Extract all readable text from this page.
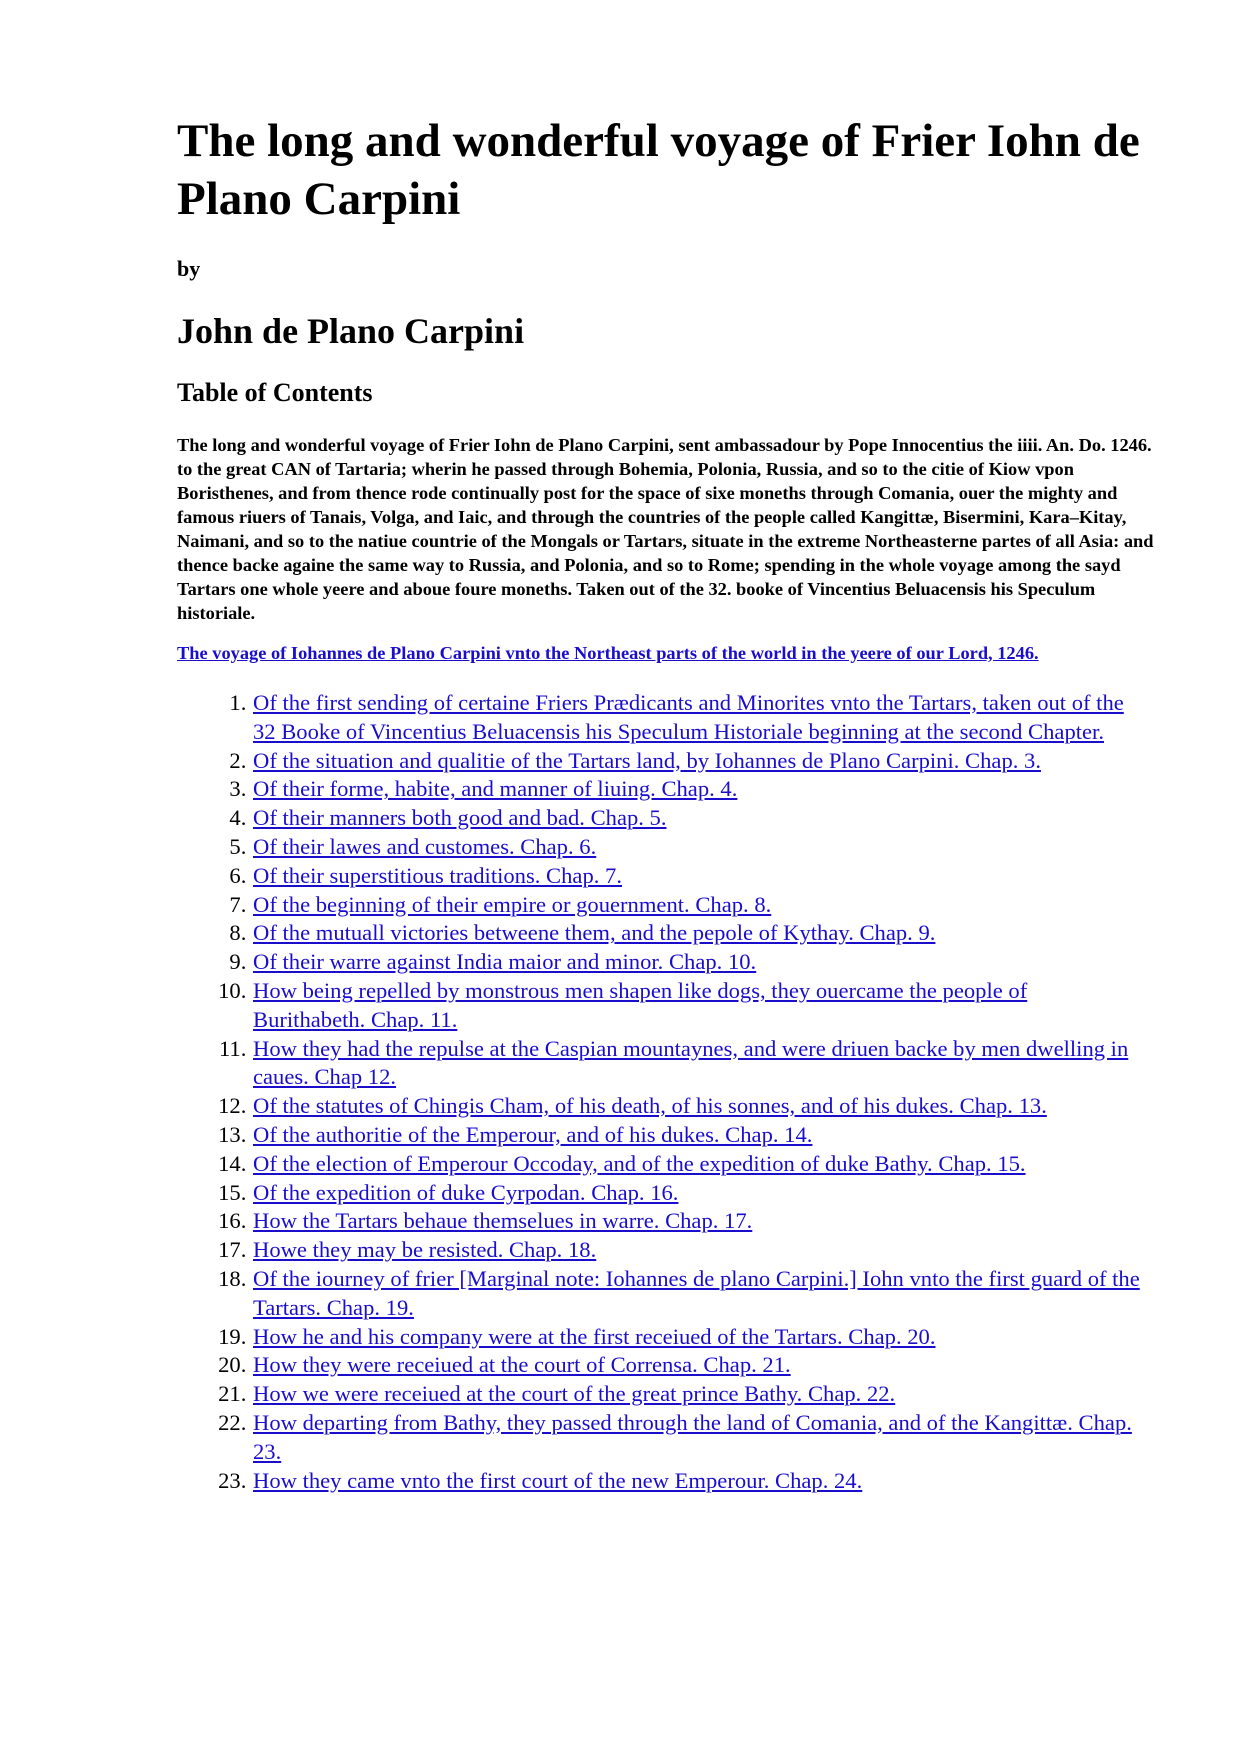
The long and wonderful voyage of Frier Iohn de Plano Carpini
by
John de Plano Carpini
Table of Contents
The long and wonderful voyage of Frier Iohn de Plano Carpini, sent ambassadour by Pope Innocentius the iiii. An. Do. 1246. to the great CAN of Tartaria; wherin he passed through Bohemia, Polonia, Russia, and so to the citie of Kiow vpon Boristhenes, and from thence rode continually post for the space of sixe moneths through Comania, ouer the mighty and famous riuers of Tanais, Volga, and Iaic, and through the countries of the people called Kangittæ, Bisermini, Kara–Kitay, Naimani, and so to the natiue countrie of the Mongals or Tartars, situate in the extreme Northeasterne partes of all Asia: and thence backe againe the same way to Russia, and Polonia, and so to Rome; spending in the whole voyage among the sayd Tartars one whole yeere and aboue foure moneths. Taken out of the 32. booke of Vincentius Beluacensis his Speculum historiale.
The voyage of Iohannes de Plano Carpini vnto the Northeast parts of the world in the yeere of our Lord, 1246.
1. Of the first sending of certaine Friers Prædicants and Minorites vnto the Tartars, taken out of the 32 Booke of Vincentius Beluacensis his Speculum Historiale beginning at the second Chapter.
2. Of the situation and qualitie of the Tartars land, by Iohannes de Plano Carpini. Chap. 3.
3. Of their forme, habite, and manner of liuing. Chap. 4.
4. Of their manners both good and bad. Chap. 5.
5. Of their lawes and customes. Chap. 6.
6. Of their superstitious traditions. Chap. 7.
7. Of the beginning of their empire or gouernment. Chap. 8.
8. Of the mutuall victories betweene them, and the pepole of Kythay. Chap. 9.
9. Of their warre against India maior and minor. Chap. 10.
10. How being repelled by monstrous men shapen like dogs, they ouercame the people of Burithabeth. Chap. 11.
11. How they had the repulse at the Caspian mountaynes, and were driuen backe by men dwelling in caues. Chap 12.
12. Of the statutes of Chingis Cham, of his death, of his sonnes, and of his dukes. Chap. 13.
13. Of the authoritie of the Emperour, and of his dukes. Chap. 14.
14. Of the election of Emperour Occoday, and of the expedition of duke Bathy. Chap. 15.
15. Of the expedition of duke Cyrpodan. Chap. 16.
16. How the Tartars behaue themselues in warre. Chap. 17.
17. Howe they may be resisted. Chap. 18.
18. Of the iourney of frier [Marginal note: Iohannes de plano Carpini.] Iohn vnto the first guard of the Tartars. Chap. 19.
19. How he and his company were at the first receiued of the Tartars. Chap. 20.
20. How they were receiued at the court of Corrensa. Chap. 21.
21. How we were receiued at the court of the great prince Bathy. Chap. 22.
22. How departing from Bathy, they passed through the land of Comania, and of the Kangittæ. Chap. 23.
23. How they came vnto the first court of the new Emperour. Chap. 24.
